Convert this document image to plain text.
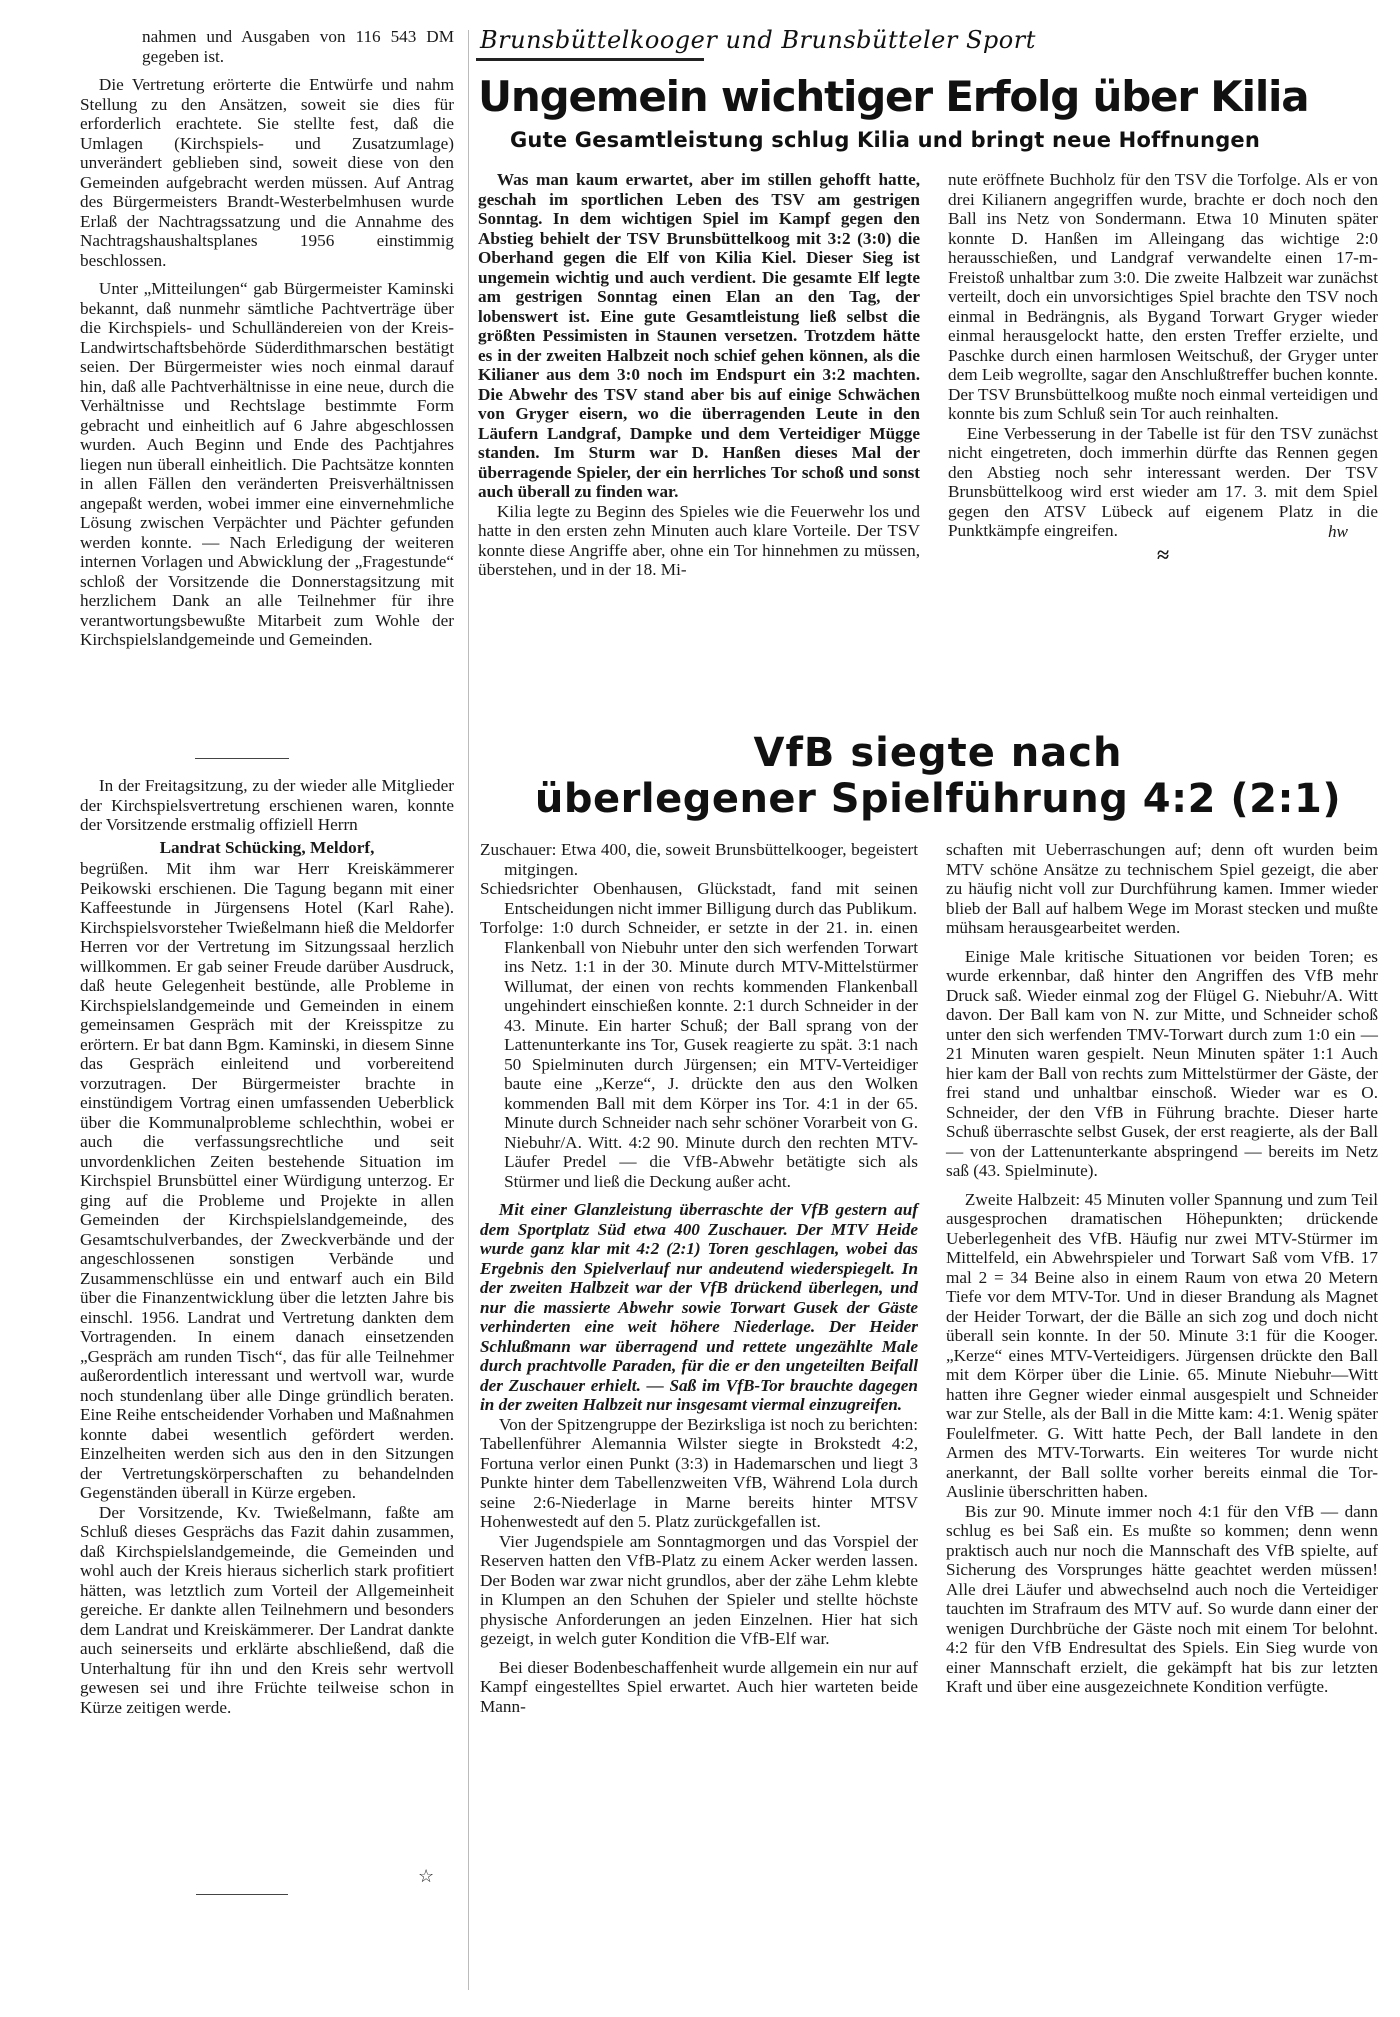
nahmen und Ausgaben von 116 543 DM gegeben ist.

Die Vertretung erörterte die Entwürfe und nahm Stellung zu den Ansätzen, soweit sie dies für erforderlich erachtete. Sie stellte fest, daß die Umlagen (Kirchspiels- und Zusatzumlage) unverändert geblieben sind, soweit diese von den Gemeinden aufgebracht werden müssen. Auf Antrag des Bürgermeisters Brandt-Westerbelmhusen wurde Erlaß der Nachtragssatzung und die Annahme des Nachtragshaushaltsplanes 1956 einstimmig beschlossen.

Unter „Mitteilungen“ gab Bürgermeister Kaminski bekannt, daß nunmehr sämtliche Pachtverträge über die Kirchspiels- und Schulländereien von der Kreis-Landwirtschaftsbehörde Süderdithmarschen bestätigt seien. Der Bürgermeister wies noch einmal darauf hin, daß alle Pachtverhältnisse in eine neue, durch die Verhältnisse und Rechtslage bestimmte Form gebracht und einheitlich auf 6 Jahre abgeschlossen wurden. Auch Beginn und Ende des Pachtjahres liegen nun überall einheitlich. Die Pachtsätze konnten in allen Fällen den veränderten Preisverhältnissen angepaßt werden, wobei immer eine einvernehmliche Lösung zwischen Verpächter und Pächter gefunden werden konnte. — Nach Erledigung der weiteren internen Vorlagen und Abwicklung der „Fragestunde“ schloß der Vorsitzende die Donnerstagsitzung mit herzlichem Dank an alle Teilnehmer für ihre verantwortungsbewußte Mitarbeit zum Wohle der Kirchspielslandgemeinde und Gemeinden.

In der Freitagsitzung, zu der wieder alle Mitglieder der Kirchspielsvertretung erschienen waren, konnte der Vorsitzende erstmalig offiziell Herrn

Landrat Schücking, Meldorf,

begrüßen. Mit ihm war Herr Kreiskämmerer Peikowski erschienen. Die Tagung begann mit einer Kaffeestunde in Jürgensens Hotel (Karl Rahe). Kirchspielsvorsteher Twießelmann hieß die Meldorfer Herren vor der Vertretung im Sitzungssaal herzlich willkommen. Er gab seiner Freude darüber Ausdruck, daß heute Gelegenheit bestünde, alle Probleme in Kirchspielslandgemeinde und Gemeinden in einem gemeinsamen Gespräch mit der Kreisspitze zu erörtern. Er bat dann Bgm. Kaminski, in diesem Sinne das Gespräch einleitend und vorbereitend vorzutragen. Der Bürgermeister brachte in einstündigem Vortrag einen umfassenden Ueberblick über die Kommunalprobleme schlechthin, wobei er auch die verfassungsrechtliche und seit unvordenklichen Zeiten bestehende Situation im Kirchspiel Brunsbüttel einer Würdigung unterzog. Er ging auf die Probleme und Projekte in allen Gemeinden der Kirchspielslandgemeinde, des Gesamtschulverbandes, der Zweckverbände und der angeschlossenen sonstigen Verbände und Zusammenschlüsse ein und entwarf auch ein Bild über die Finanzentwicklung über die letzten Jahre bis einschl. 1956. Landrat und Vertretung dankten dem Vortragenden. In einem danach einsetzenden „Gespräch am runden Tisch“, das für alle Teilnehmer außerordentlich interessant und wertvoll war, wurde noch stundenlang über alle Dinge gründlich beraten. Eine Reihe entscheidender Vorhaben und Maßnahmen konnte dabei wesentlich gefördert werden. Einzelheiten werden sich aus den in den Sitzungen der Vertretungskörperschaften zu behandelnden Gegenständen überall in Kürze ergeben.

Der Vorsitzende, Kv. Twießelmann, faßte am Schluß dieses Gesprächs das Fazit dahin zusammen, daß Kirchspielslandgemeinde, die Gemeinden und wohl auch der Kreis hieraus sicherlich stark profitiert hätten, was letztlich zum Vorteil der Allgemeinheit gereiche. Er dankte allen Teilnehmern und besonders dem Landrat und Kreiskämmerer. Der Landrat dankte auch seinerseits und erklärte abschließend, daß die Unterhaltung für ihn und den Kreis sehr wertvoll gewesen sei und ihre Früchte teilweise schon in Kürze zeitigen werde.

☆
Brunsbüttelkooger und Brunsbütteler Sport
Ungemein wichtiger Erfolg über Kilia
Gute Gesamtleistung schlug Kilia und bringt neue Hoffnungen

Was man kaum erwartet, aber im stillen gehofft hatte, geschah im sportlichen Leben des TSV am gestrigen Sonntag. In dem wichtigen Spiel im Kampf gegen den Abstieg behielt der TSV Brunsbüttelkoog mit 3:2 (3:0) die Oberhand gegen die Elf von Kilia Kiel. Dieser Sieg ist ungemein wichtig und auch verdient. Die gesamte Elf legte am gestrigen Sonntag einen Elan an den Tag, der lobenswert ist. Eine gute Gesamtleistung ließ selbst die größten Pessimisten in Staunen versetzen. Trotzdem hätte es in der zweiten Halbzeit noch schief gehen können, als die Kilianer aus dem 3:0 noch im Endspurt ein 3:2 machten. Die Abwehr des TSV stand aber bis auf einige Schwächen von Gryger eisern, wo die überragenden Leute in den Läufern Landgraf, Dampke und dem Verteidiger Mügge standen. Im Sturm war D. Hanßen dieses Mal der überragende Spieler, der ein herrliches Tor schoß und sonst auch überall zu finden war.

Kilia legte zu Beginn des Spieles wie die Feuerwehr los und hatte in den ersten zehn Minuten auch klare Vorteile. Der TSV konnte diese Angriffe aber, ohne ein Tor hinnehmen zu müssen, überstehen, und in der 18. Mi-

nute eröffnete Buchholz für den TSV die Torfolge. Als er von drei Kilianern angegriffen wurde, brachte er doch noch den Ball ins Netz von Sondermann. Etwa 10 Minuten später konnte D. Hanßen im Alleingang das wichtige 2:0 herausschießen, und Landgraf verwandelte einen 17-m-Freistoß unhaltbar zum 3:0. Die zweite Halbzeit war zunächst verteilt, doch ein unvorsichtiges Spiel brachte den TSV noch einmal in Bedrängnis, als Bygand Torwart Gryger wieder einmal herausgelockt hatte, den ersten Treffer erzielte, und Paschke durch einen harmlosen Weitschuß, der Gryger unter dem Leib wegrollte, sagar den Anschlußtreffer buchen konnte. Der TSV Brunsbüttelkoog mußte noch einmal verteidigen und konnte bis zum Schluß sein Tor auch reinhalten.

Eine Verbesserung in der Tabelle ist für den TSV zunächst nicht eingetreten, doch immerhin dürfte das Rennen gegen den Abstieg noch sehr interessant werden. Der TSV Brunsbüttelkoog wird erst wieder am 17. 3. mit dem Spiel gegen den ATSV Lübeck auf eigenem Platz in die Punktkämpfe eingreifen.	hw

≈

VfB siegte nach
überlegener Spielführung 4:2 (2:1)

Zuschauer: Etwa 400, die, soweit Brunsbüttelkooger, begeistert mitgingen.

Schiedsrichter Obenhausen, Glückstadt, fand mit seinen Entscheidungen nicht immer Billigung durch das Publikum.

Torfolge: 1:0 durch Schneider, er setzte in der 21. in. einen Flankenball von Niebuhr unter den sich werfenden Torwart ins Netz. 1:1 in der 30. Minute durch MTV-Mittelstürmer Willumat, der einen von rechts kommenden Flankenball ungehindert einschießen konnte. 2:1 durch Schneider in der 43. Minute. Ein harter Schuß; der Ball sprang von der Lattenunterkante ins Tor, Gusek reagierte zu spät. 3:1 nach 50 Spielminuten durch Jürgensen; ein MTV-Verteidiger baute eine „Kerze“, J. drückte den aus den Wolken kommenden Ball mit dem Körper ins Tor. 4:1 in der 65. Minute durch Schneider nach sehr schöner Vorarbeit von G. Niebuhr/A. Witt. 4:2 90. Minute durch den rechten MTV-Läufer Predel — die VfB-Abwehr betätigte sich als Stürmer und ließ die Deckung außer acht.

Mit einer Glanzleistung überraschte der VfB gestern auf dem Sportplatz Süd etwa 400 Zuschauer. Der MTV Heide wurde ganz klar mit 4:2 (2:1) Toren geschlagen, wobei das Ergebnis den Spielverlauf nur andeutend wiederspiegelt. In der zweiten Halbzeit war der VfB drückend überlegen, und nur die massierte Abwehr sowie Torwart Gusek der Gäste verhinderten eine weit höhere Niederlage. Der Heider Schlußmann war überragend und rettete ungezählte Male durch prachtvolle Paraden, für die er den ungeteilten Beifall der Zuschauer erhielt. — Saß im VfB-Tor brauchte dagegen in der zweiten Halbzeit nur insgesamt viermal einzugreifen.

Von der Spitzengruppe der Bezirksliga ist noch zu berichten: Tabellenführer Alemannia Wilster siegte in Brokstedt 4:2, Fortuna verlor einen Punkt (3:3) in Hademarschen und liegt 3 Punkte hinter dem Tabellenzweiten VfB, Während Lola durch seine 2:6-Niederlage in Marne bereits hinter MTSV Hohenwestedt auf den 5. Platz zurückgefallen ist.

Vier Jugendspiele am Sonntagmorgen und das Vorspiel der Reserven hatten den VfB-Platz zu einem Acker werden lassen. Der Boden war zwar nicht grundlos, aber der zähe Lehm klebte in Klumpen an den Schuhen der Spieler und stellte höchste physische Anforderungen an jeden Einzelnen. Hier hat sich gezeigt, in welch guter Kondition die VfB-Elf war.

Bei dieser Bodenbeschaffenheit wurde allgemein ein nur auf Kampf eingestelltes Spiel erwartet. Auch hier warteten beide Mann-

schaften mit Ueberraschungen auf; denn oft wurden beim MTV schöne Ansätze zu technischem Spiel gezeigt, die aber zu häufig nicht voll zur Durchführung kamen. Immer wieder blieb der Ball auf halbem Wege im Morast stecken und mußte mühsam herausgearbeitet werden.

Einige Male kritische Situationen vor beiden Toren; es wurde erkennbar, daß hinter den Angriffen des VfB mehr Druck saß. Wieder einmal zog der Flügel G. Niebuhr/A. Witt davon. Der Ball kam von N. zur Mitte, und Schneider schoß unter den sich werfenden TMV-Torwart durch zum 1:0 ein — 21 Minuten waren gespielt. Neun Minuten später 1:1 Auch hier kam der Ball von rechts zum Mittelstürmer der Gäste, der frei stand und unhaltbar einschoß. Wieder war es O. Schneider, der den VfB in Führung brachte. Dieser harte Schuß überraschte selbst Gusek, der erst reagierte, als der Ball — von der Lattenunterkante abspringend — bereits im Netz saß (43. Spielminute).

Zweite Halbzeit: 45 Minuten voller Spannung und zum Teil ausgesprochen dramatischen Höhepunkten; drückende Ueberlegenheit des VfB. Häufig nur zwei MTV-Stürmer im Mittelfeld, ein Abwehrspieler und Torwart Saß vom VfB. 17 mal 2 = 34 Beine also in einem Raum von etwa 20 Metern Tiefe vor dem MTV-Tor. Und in dieser Brandung als Magnet der Heider Torwart, der die Bälle an sich zog und doch nicht überall sein konnte. In der 50. Minute 3:1 für die Kooger. „Kerze“ eines MTV-Verteidigers. Jürgensen drückte den Ball mit dem Körper über die Linie. 65. Minute Niebuhr—Witt hatten ihre Gegner wieder einmal ausgespielt und Schneider war zur Stelle, als der Ball in die Mitte kam: 4:1. Wenig später Foulelfmeter. G. Witt hatte Pech, der Ball landete in den Armen des MTV-Torwarts. Ein weiteres Tor wurde nicht anerkannt, der Ball sollte vorher bereits einmal die Tor-Auslinie überschritten haben.

Bis zur 90. Minute immer noch 4:1 für den VfB — dann schlug es bei Saß ein. Es mußte so kommen; denn wenn praktisch auch nur noch die Mannschaft des VfB spielte, auf Sicherung des Vorsprunges hätte geachtet werden müssen! Alle drei Läufer und abwechselnd auch noch die Verteidiger tauchten im Strafraum des MTV auf. So wurde dann einer der wenigen Durchbrüche der Gäste noch mit einem Tor belohnt. 4:2 für den VfB Endresultat des Spiels. Ein Sieg wurde von einer Mannschaft erzielt, die gekämpft hat bis zur letzten Kraft und über eine ausgezeichnete Kondition verfügte.
